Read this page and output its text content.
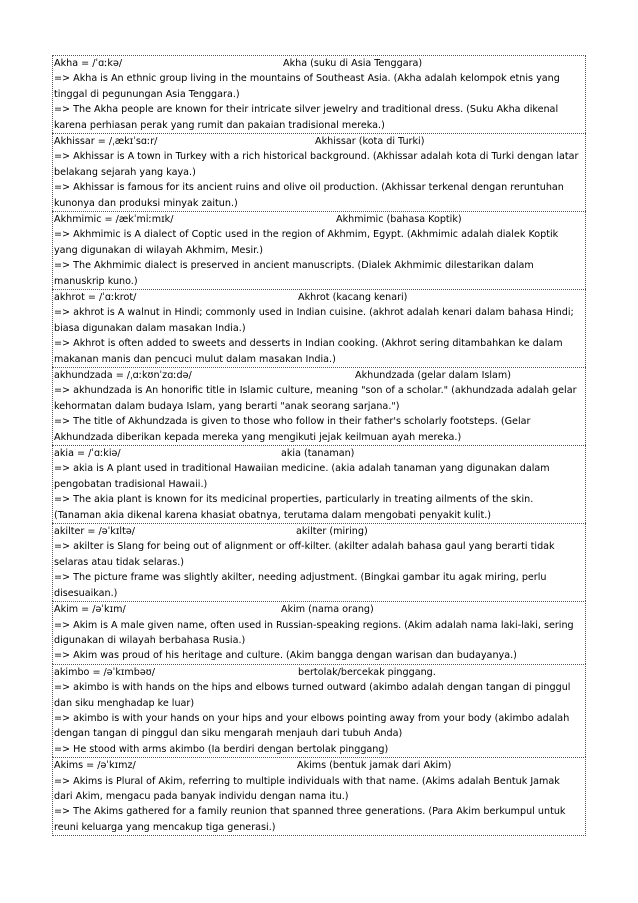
Akha = /ˈɑːkə/	Akha (suku di Asia Tenggara)
=> Akha is An ethnic group living in the mountains of Southeast Asia. (Akha adalah kelompok etnis yang
tinggal di pegunungan Asia Tenggara.)
=> The Akha people are known for their intricate silver jewelry and traditional dress. (Suku Akha dikenal
karena perhiasan perak yang rumit dan pakaian tradisional mereka.)
Akhissar = /ˌækɪˈsɑːr/	Akhissar (kota di Turki)
=> Akhissar is A town in Turkey with a rich historical background. (Akhissar adalah kota di Turki dengan latar
belakang sejarah yang kaya.)
=> Akhissar is famous for its ancient ruins and olive oil production. (Akhissar terkenal dengan reruntuhan
kunonya dan produksi minyak zaitun.)
Akhmimic = /ækˈmiːmɪk/	Akhmimic (bahasa Koptik)
=> Akhmimic is A dialect of Coptic used in the region of Akhmim, Egypt. (Akhmimic adalah dialek Koptik
yang digunakan di wilayah Akhmim, Mesir.)
=> The Akhmimic dialect is preserved in ancient manuscripts. (Dialek Akhmimic dilestarikan dalam
manuskrip kuno.)
akhrot = /ˈɑːkrot/	Akhrot (kacang kenari)
=> akhrot is A walnut in Hindi; commonly used in Indian cuisine. (akhrot adalah kenari dalam bahasa Hindi;
biasa digunakan dalam masakan India.)
=> Akhrot is often added to sweets and desserts in Indian cooking. (Akhrot sering ditambahkan ke dalam
makanan manis dan pencuci mulut dalam masakan India.)
akhundzada = /ˌɑːkʊnˈzɑːdə/	Akhundzada (gelar dalam Islam)
=> akhundzada is An honorific title in Islamic culture, meaning "son of a scholar." (akhundzada adalah gelar
kehormatan dalam budaya Islam, yang berarti "anak seorang sarjana.")
=> The title of Akhundzada is given to those who follow in their father's scholarly footsteps. (Gelar
Akhundzada diberikan kepada mereka yang mengikuti jejak keilmuan ayah mereka.)
akia = /ˈɑːkiə/	akia (tanaman)
=> akia is A plant used in traditional Hawaiian medicine. (akia adalah tanaman yang digunakan dalam
pengobatan tradisional Hawaii.)
=> The akia plant is known for its medicinal properties, particularly in treating ailments of the skin.
(Tanaman akia dikenal karena khasiat obatnya, terutama dalam mengobati penyakit kulit.)
akilter = /əˈkɪltə/	akilter (miring)
=> akilter is Slang for being out of alignment or off-kilter. (akilter adalah bahasa gaul yang berarti tidak
selaras atau tidak selaras.)
=> The picture frame was slightly akilter, needing adjustment. (Bingkai gambar itu agak miring, perlu
disesuaikan.)
Akim = /əˈkɪm/	Akim (nama orang)
=> Akim is A male given name, often used in Russian-speaking regions. (Akim adalah nama laki-laki, sering
digunakan di wilayah berbahasa Rusia.)
=> Akim was proud of his heritage and culture. (Akim bangga dengan warisan dan budayanya.)
akimbo = /əˈkɪmbəʊ/	bertolak/bercekak pinggang.
=> akimbo is with hands on the hips and elbows turned outward (akimbo adalah dengan tangan di pinggul
dan siku menghadap ke luar)
=> akimbo is with your hands on your hips and your elbows pointing away from your body (akimbo adalah
dengan tangan di pinggul dan siku mengarah menjauh dari tubuh Anda)
=> He stood with arms akimbo (Ia berdiri dengan bertolak pinggang)
Akims = /əˈkɪmz/	Akims (bentuk jamak dari Akim)
=> Akims is Plural of Akim, referring to multiple individuals with that name. (Akims adalah Bentuk Jamak
dari Akim, mengacu pada banyak individu dengan nama itu.)
=> The Akims gathered for a family reunion that spanned three generations. (Para Akim berkumpul untuk
reuni keluarga yang mencakup tiga generasi.)
